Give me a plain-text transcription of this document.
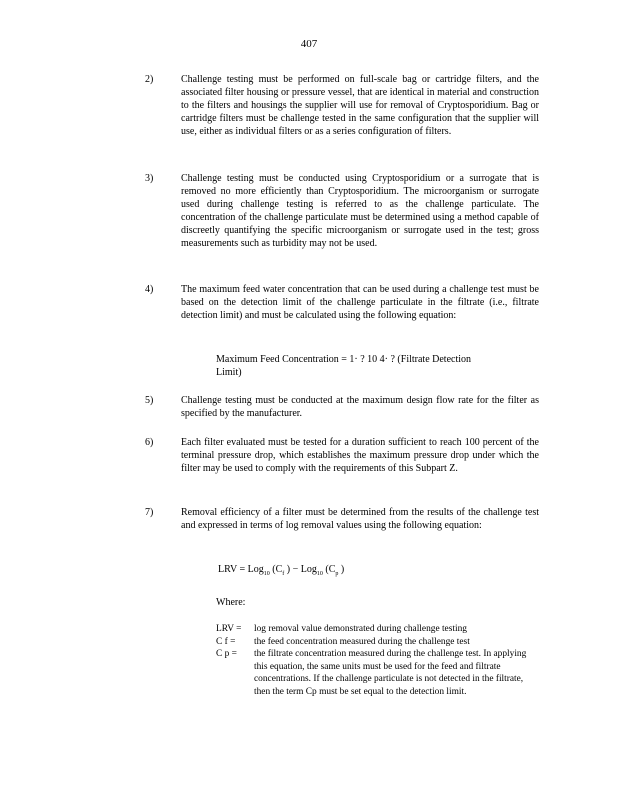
407
2)	Challenge testing must be performed on full-scale bag or cartridge filters, and the associated filter housing or pressure vessel, that are identical in material and construction to the filters and housings the supplier will use for removal of Cryptosporidium. Bag or cartridge filters must be challenge tested in the same configuration that the supplier will use, either as individual filters or as a series configuration of filters.
3)	Challenge testing must be conducted using Cryptosporidium or a surrogate that is removed no more efficiently than Cryptosporidium. The microorganism or surrogate used during challenge testing is referred to as the challenge particulate. The concentration of the challenge particulate must be determined using a method capable of discreetly quantifying the specific microorganism or surrogate used in the test; gross measurements such as turbidity may not be used.
4)	The maximum feed water concentration that can be used during a challenge test must be based on the detection limit of the challenge particulate in the filtrate (i.e., filtrate detection limit) and must be calculated using the following equation:
Maximum Feed Concentration = 1· ? 10 4· ? (Filtrate Detection
Limit)
5)	Challenge testing must be conducted at the maximum design flow rate for the filter as specified by the manufacturer.
6)	Each filter evaluated must be tested for a duration sufficient to reach 100 percent of the terminal pressure drop, which establishes the maximum pressure drop under which the filter may be used to comply with the requirements of this Subpart Z.
7)	Removal efficiency of a filter must be determined from the results of the challenge test and expressed in terms of log removal values using the following equation:
LRV = Log$_{10}$ ($C_f$ ) − Log$_{10}$ ($C_p$ )
Where:
LRV =	log removal value demonstrated during challenge testing
C f =	the feed concentration measured during the challenge test
C p =	the filtrate concentration measured during the challenge test. In applying this equation, the same units must be used for the feed and filtrate concentrations. If the challenge particulate is not detected in the filtrate, then the term Cp must be set equal to the detection limit.
